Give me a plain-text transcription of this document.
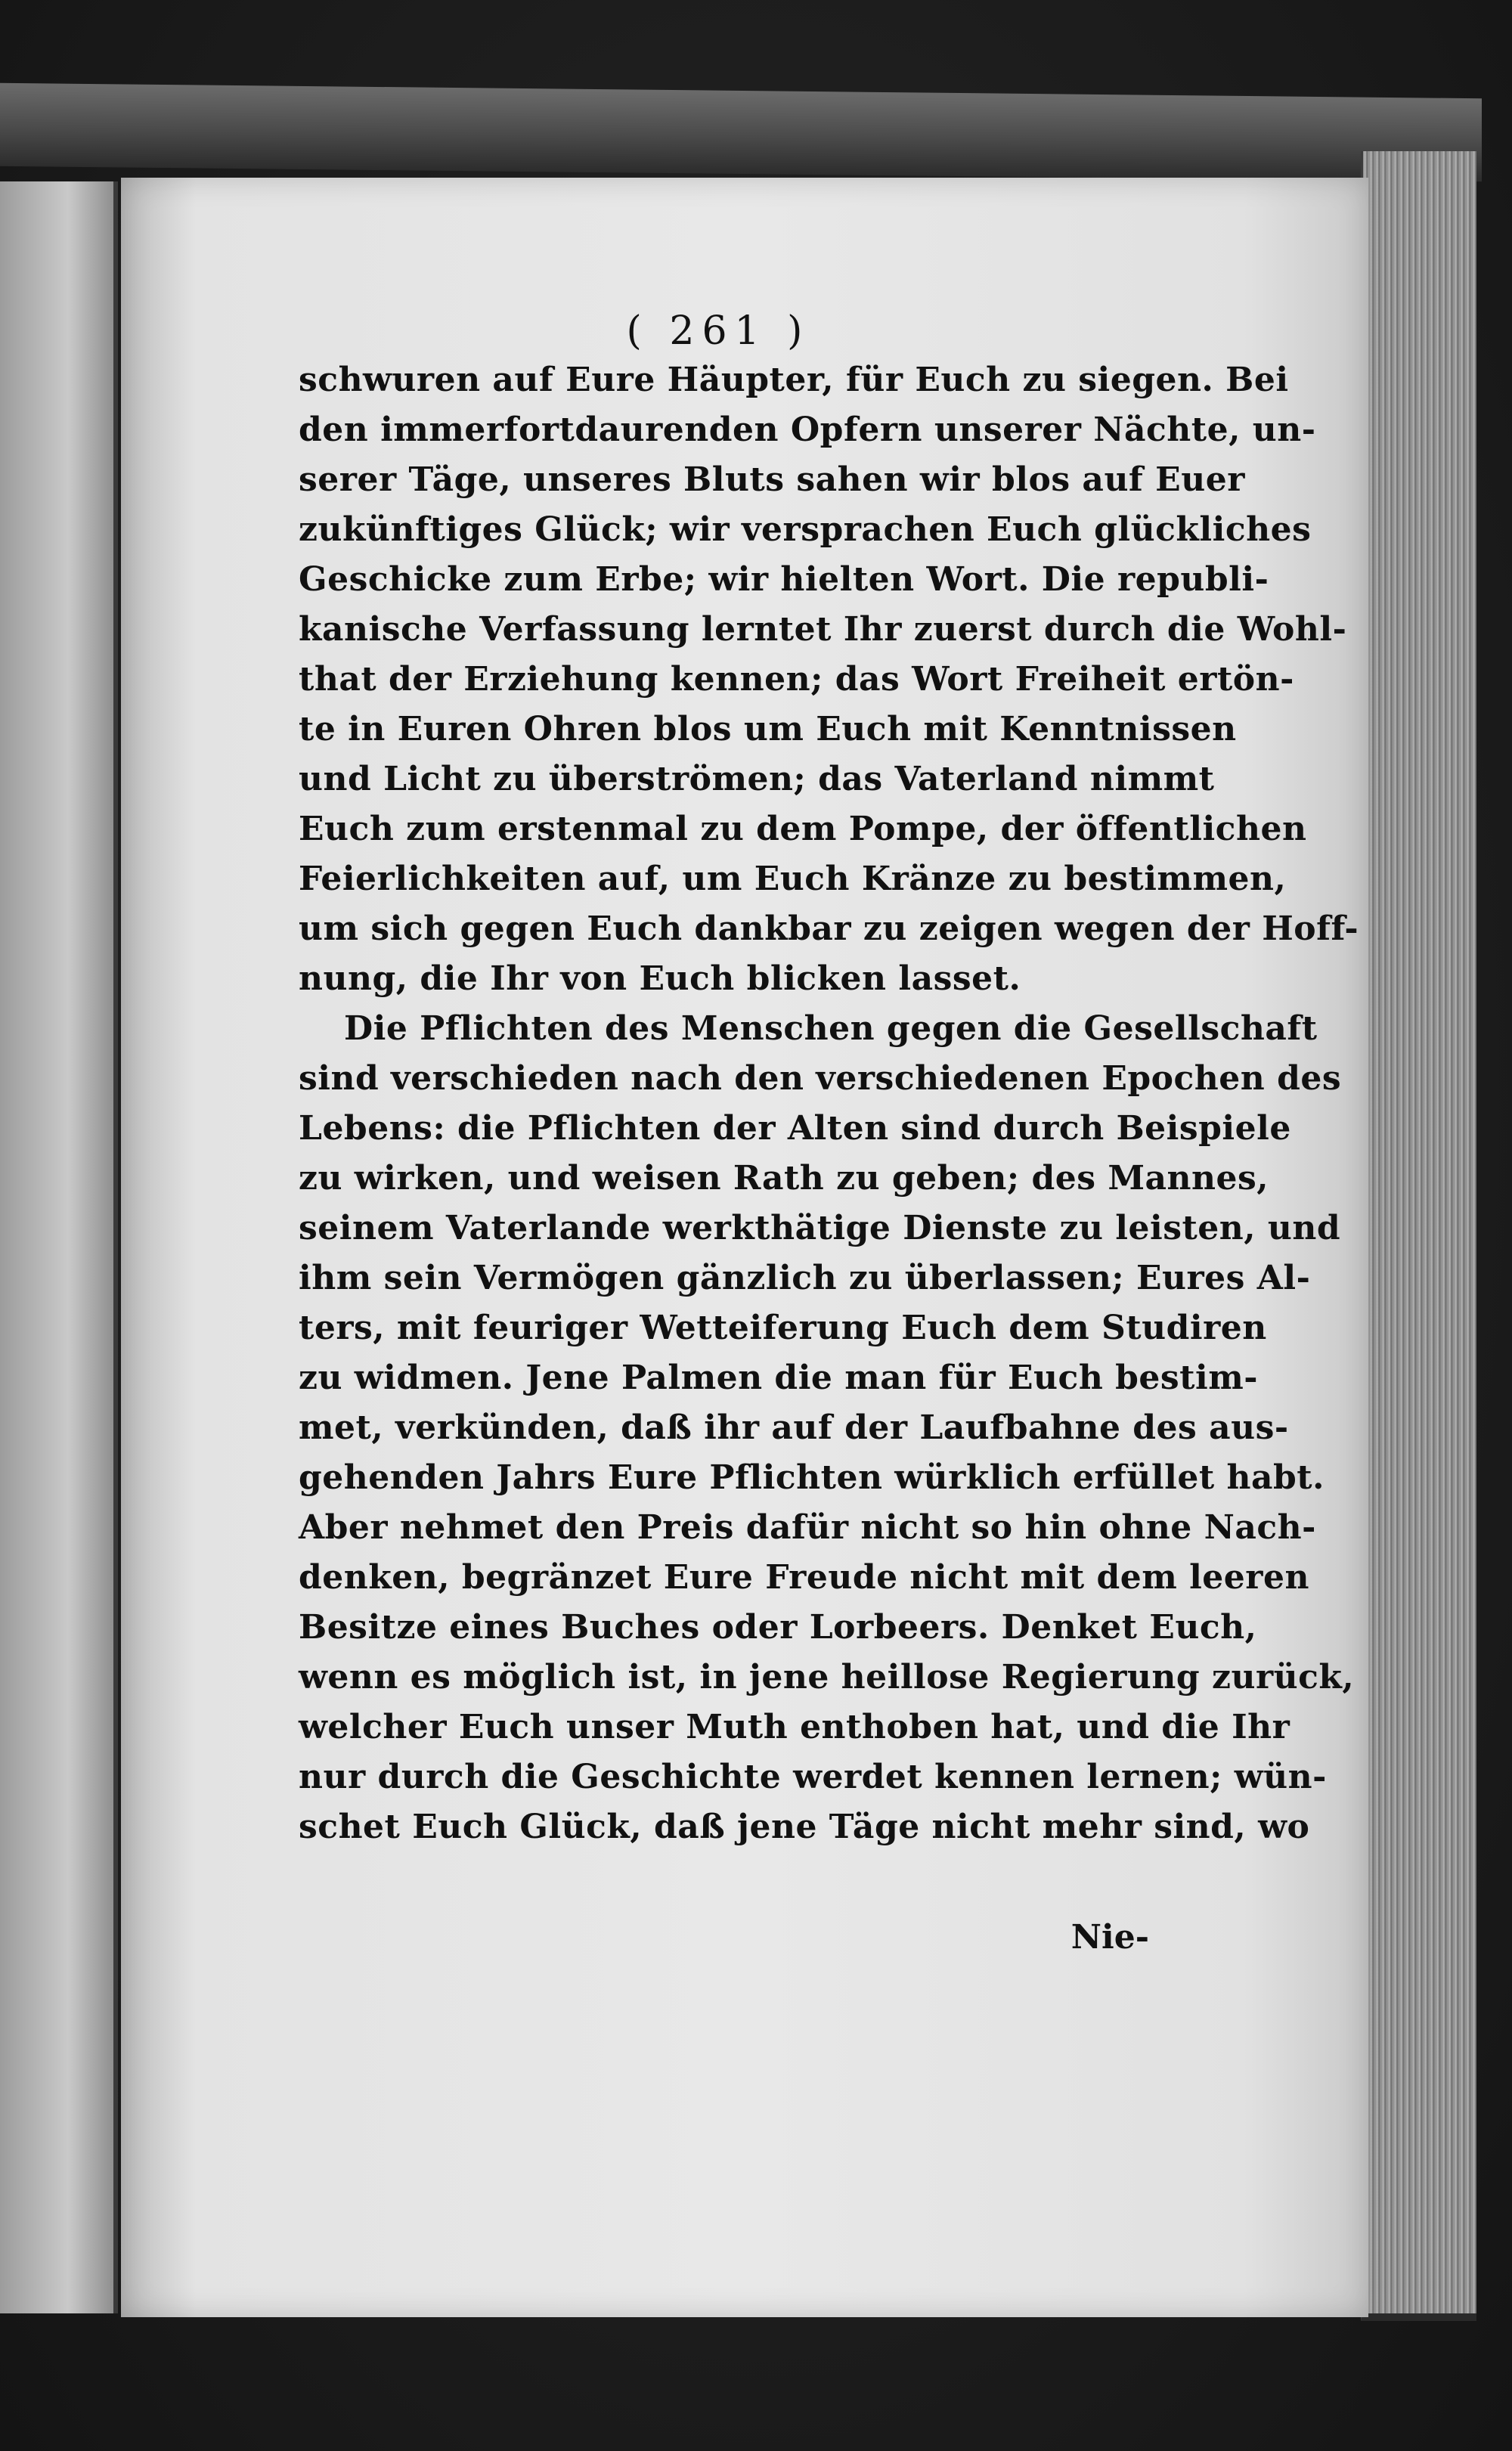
( 261 )
schwuren auf Eure Häupter, für Euch zu siegen. Bei
den immerfortdaurenden Opfern unserer Nächte, un-
serer Täge, unseres Bluts sahen wir blos auf Euer
zukünftiges Glück; wir versprachen Euch glückliches
Geschicke zum Erbe; wir hielten Wort. Die republi-
kanische Verfassung lerntet Ihr zuerst durch die Wohl-
that der Erziehung kennen; das Wort Freiheit ertön-
te in Euren Ohren blos um Euch mit Kenntnissen
und Licht zu überströmen; das Vaterland nimmt
Euch zum erstenmal zu dem Pompe, der öffentlichen
Feierlichkeiten auf, um Euch Kränze zu bestimmen,
um sich gegen Euch dankbar zu zeigen wegen der Hoff-
nung, die Ihr von Euch blicken lasset.
Die Pflichten des Menschen gegen die Gesellschaft
sind verschieden nach den verschiedenen Epochen des
Lebens: die Pflichten der Alten sind durch Beispiele
zu wirken, und weisen Rath zu geben; des Mannes,
seinem Vaterlande werkthätige Dienste zu leisten, und
ihm sein Vermögen gänzlich zu überlassen; Eures Al-
ters, mit feuriger Wetteiferung Euch dem Studiren
zu widmen. Jene Palmen die man für Euch bestim-
met, verkünden, daß ihr auf der Laufbahne des aus-
gehenden Jahrs Eure Pflichten würklich erfüllet habt.
Aber nehmet den Preis dafür nicht so hin ohne Nach-
denken, begränzet Eure Freude nicht mit dem leeren
Besitze eines Buches oder Lorbeers. Denket Euch,
wenn es möglich ist, in jene heillose Regierung zurück,
welcher Euch unser Muth enthoben hat, und die Ihr
nur durch die Geschichte werdet kennen lernen; wün-
schet Euch Glück, daß jene Täge nicht mehr sind, wo
Nie-
